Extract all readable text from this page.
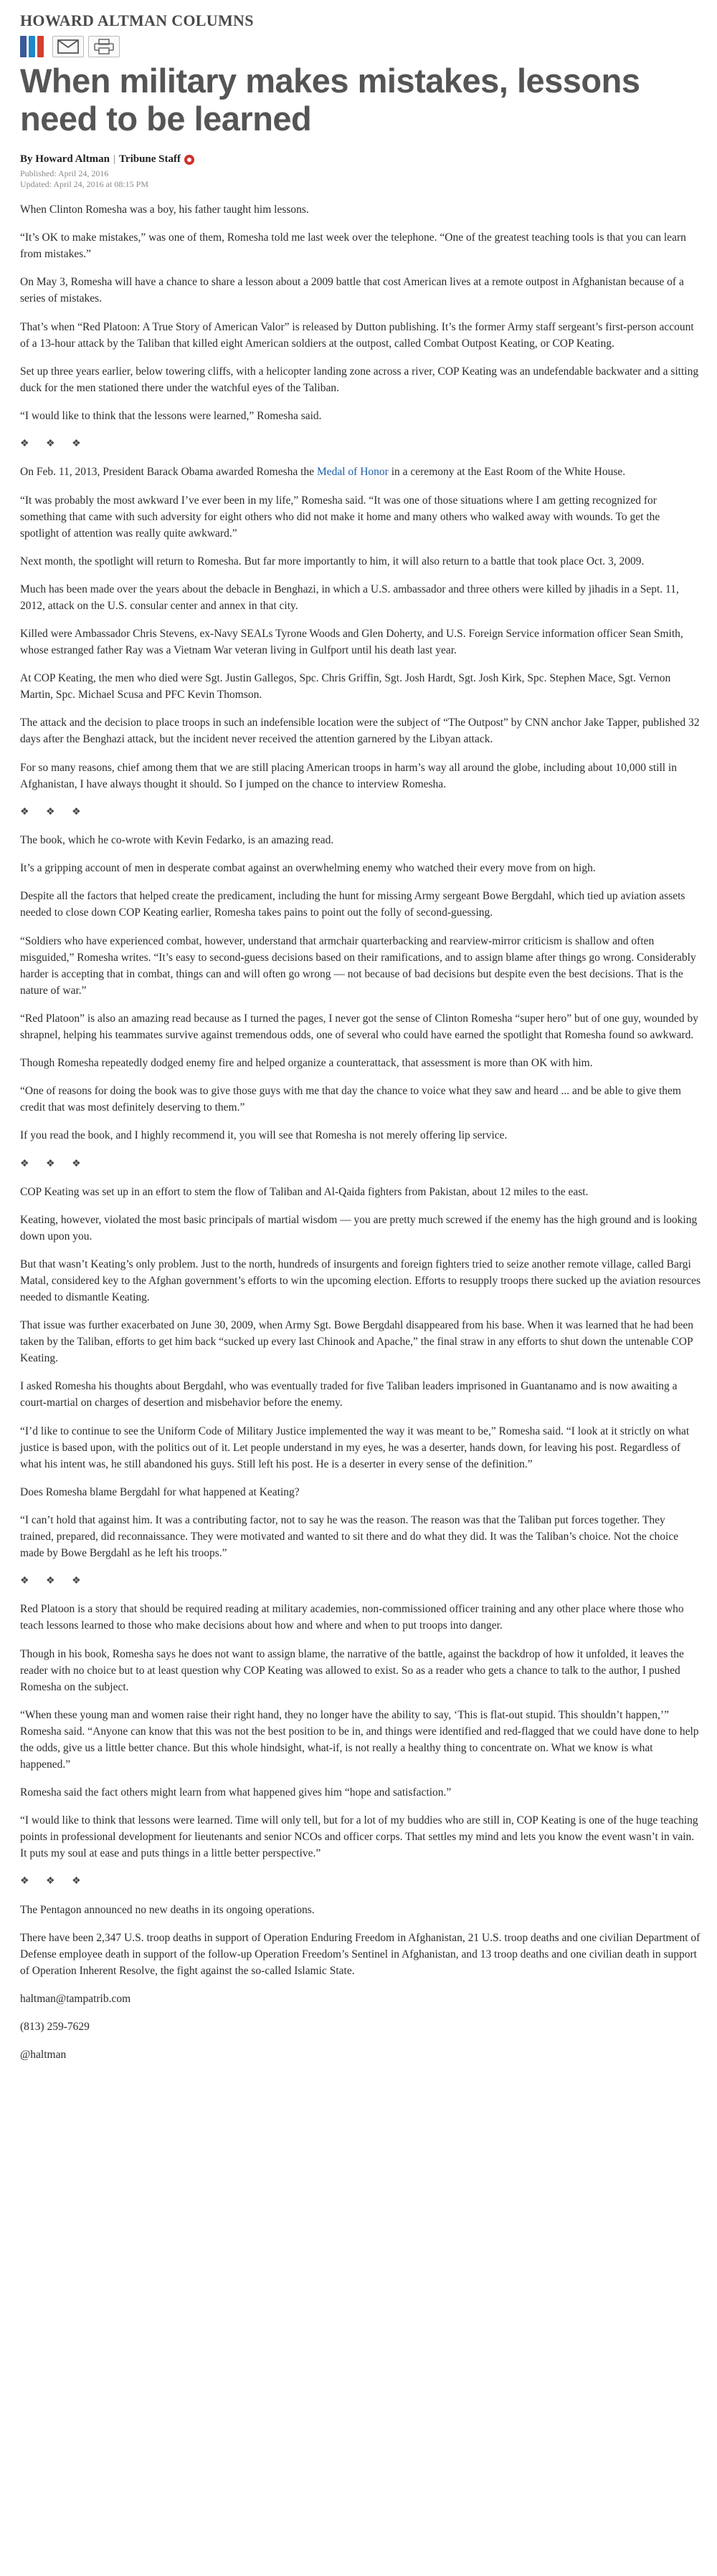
HOWARD ALTMAN COLUMNS
When military makes mistakes, lessons need to be learned
By Howard Altman | Tribune Staff
Published: April 24, 2016
Updated: April 24, 2016 at 08:15 PM

When Clinton Romesha was a boy, his father taught him lessons.

“It’s OK to make mistakes,” was one of them, Romesha told me last week over the telephone. “One of the greatest teaching tools is that you can learn from mistakes.”

On May 3, Romesha will have a chance to share a lesson about a 2009 battle that cost American lives at a remote outpost in Afghanistan because of a series of mistakes.

That’s when “Red Platoon: A True Story of American Valor” is released by Dutton publishing. It’s the former Army staff sergeant’s first-person account of a 13-hour attack by the Taliban that killed eight American soldiers at the outpost, called Combat Outpost Keating, or COP Keating.

Set up three years earlier, below towering cliffs, with a helicopter landing zone across a river, COP Keating was an undefendable backwater and a sitting duck for the men stationed there under the watchful eyes of the Taliban.

“I would like to think that the lessons were learned,” Romesha said.

❖ ❖ ❖

On Feb. 11, 2013, President Barack Obama awarded Romesha the Medal of Honor in a ceremony at the East Room of the White House.

“It was probably the most awkward I’ve ever been in my life,” Romesha said. “It was one of those situations where I am getting recognized for something that came with such adversity for eight others who did not make it home and many others who walked away with wounds. To get the spotlight of attention was really quite awkward.”

Next month, the spotlight will return to Romesha. But far more importantly to him, it will also return to a battle that took place Oct. 3, 2009.

Much has been made over the years about the debacle in Benghazi, in which a U.S. ambassador and three others were killed by jihadis in a Sept. 11, 2012, attack on the U.S. consular center and annex in that city.

Killed were Ambassador Chris Stevens, ex-Navy SEALs Tyrone Woods and Glen Doherty, and U.S. Foreign Service information officer Sean Smith, whose estranged father Ray was a Vietnam War veteran living in Gulfport until his death last year.

At COP Keating, the men who died were Sgt. Justin Gallegos, Spc. Chris Griffin, Sgt. Josh Hardt, Sgt. Josh Kirk, Spc. Stephen Mace, Sgt. Vernon Martin, Spc. Michael Scusa and PFC Kevin Thomson.

The attack and the decision to place troops in such an indefensible location were the subject of “The Outpost” by CNN anchor Jake Tapper, published 32 days after the Benghazi attack, but the incident never received the attention garnered by the Libyan attack.

For so many reasons, chief among them that we are still placing American troops in harm’s way all around the globe, including about 10,000 still in Afghanistan, I have always thought it should. So I jumped on the chance to interview Romesha.

❖ ❖ ❖

The book, which he co-wrote with Kevin Fedarko, is an amazing read.

It’s a gripping account of men in desperate combat against an overwhelming enemy who watched their every move from on high.

Despite all the factors that helped create the predicament, including the hunt for missing Army sergeant Bowe Bergdahl, which tied up aviation assets needed to close down COP Keating earlier, Romesha takes pains to point out the folly of second-guessing.

“Soldiers who have experienced combat, however, understand that armchair quarterbacking and rearview-mirror criticism is shallow and often misguided,” Romesha writes. “It’s easy to second-guess decisions based on their ramifications, and to assign blame after things go wrong. Considerably harder is accepting that in combat, things can and will often go wrong — not because of bad decisions but despite even the best decisions. That is the nature of war.”

“Red Platoon” is also an amazing read because as I turned the pages, I never got the sense of Clinton Romesha “super hero” but of one guy, wounded by shrapnel, helping his teammates survive against tremendous odds, one of several who could have earned the spotlight that Romesha found so awkward.

Though Romesha repeatedly dodged enemy fire and helped organize a counterattack, that assessment is more than OK with him.

“One of reasons for doing the book was to give those guys with me that day the chance to voice what they saw and heard ... and be able to give them credit that was most definitely deserving to them.”

If you read the book, and I highly recommend it, you will see that Romesha is not merely offering lip service.

❖ ❖ ❖

COP Keating was set up in an effort to stem the flow of Taliban and Al-Qaida fighters from Pakistan, about 12 miles to the east.

Keating, however, violated the most basic principals of martial wisdom — you are pretty much screwed if the enemy has the high ground and is looking down upon you.

But that wasn’t Keating’s only problem. Just to the north, hundreds of insurgents and foreign fighters tried to seize another remote village, called Bargi Matal, considered key to the Afghan government’s efforts to win the upcoming election. Efforts to resupply troops there sucked up the aviation resources needed to dismantle Keating.

That issue was further exacerbated on June 30, 2009, when Army Sgt. Bowe Bergdahl disappeared from his base. When it was learned that he had been taken by the Taliban, efforts to get him back “sucked up every last Chinook and Apache,” the final straw in any efforts to shut down the untenable COP Keating.

I asked Romesha his thoughts about Bergdahl, who was eventually traded for five Taliban leaders imprisoned in Guantanamo and is now awaiting a court-martial on charges of desertion and misbehavior before the enemy.

“I’d like to continue to see the Uniform Code of Military Justice implemented the way it was meant to be,” Romesha said. “I look at it strictly on what justice is based upon, with the politics out of it. Let people understand in my eyes, he was a deserter, hands down, for leaving his post. Regardless of what his intent was, he still abandoned his guys. Still left his post. He is a deserter in every sense of the definition.”

Does Romesha blame Bergdahl for what happened at Keating?

“I can’t hold that against him. It was a contributing factor, not to say he was the reason. The reason was that the Taliban put forces together. They trained, prepared, did reconnaissance. They were motivated and wanted to sit there and do what they did. It was the Taliban’s choice. Not the choice made by Bowe Bergdahl as he left his troops.”

❖ ❖ ❖

Red Platoon is a story that should be required reading at military academies, non-commissioned officer training and any other place where those who teach lessons learned to those who make decisions about how and where and when to put troops into danger.

Though in his book, Romesha says he does not want to assign blame, the narrative of the battle, against the backdrop of how it unfolded, it leaves the reader with no choice but to at least question why COP Keating was allowed to exist. So as a reader who gets a chance to talk to the author, I pushed Romesha on the subject.

“When these young man and women raise their right hand, they no longer have the ability to say, ‘This is flat-out stupid. This shouldn’t happen,’” Romesha said. “Anyone can know that this was not the best position to be in, and things were identified and red-flagged that we could have done to help the odds, give us a little better chance. But this whole hindsight, what-if, is not really a healthy thing to concentrate on. What we know is what happened.”

Romesha said the fact others might learn from what happened gives him “hope and satisfaction.”

“I would like to think that lessons were learned. Time will only tell, but for a lot of my buddies who are still in, COP Keating is one of the huge teaching points in professional development for lieutenants and senior NCOs and officer corps. That settles my mind and lets you know the event wasn’t in vain. It puts my soul at ease and puts things in a little better perspective.”

❖ ❖ ❖

The Pentagon announced no new deaths in its ongoing operations.

There have been 2,347 U.S. troop deaths in support of Operation Enduring Freedom in Afghanistan, 21 U.S. troop deaths and one civilian Department of Defense employee death in support of the follow-up Operation Freedom’s Sentinel in Afghanistan, and 13 troop deaths and one civilian death in support of Operation Inherent Resolve, the fight against the so-called Islamic State.

haltman@tampatrib.com

(813) 259-7629

@haltman
